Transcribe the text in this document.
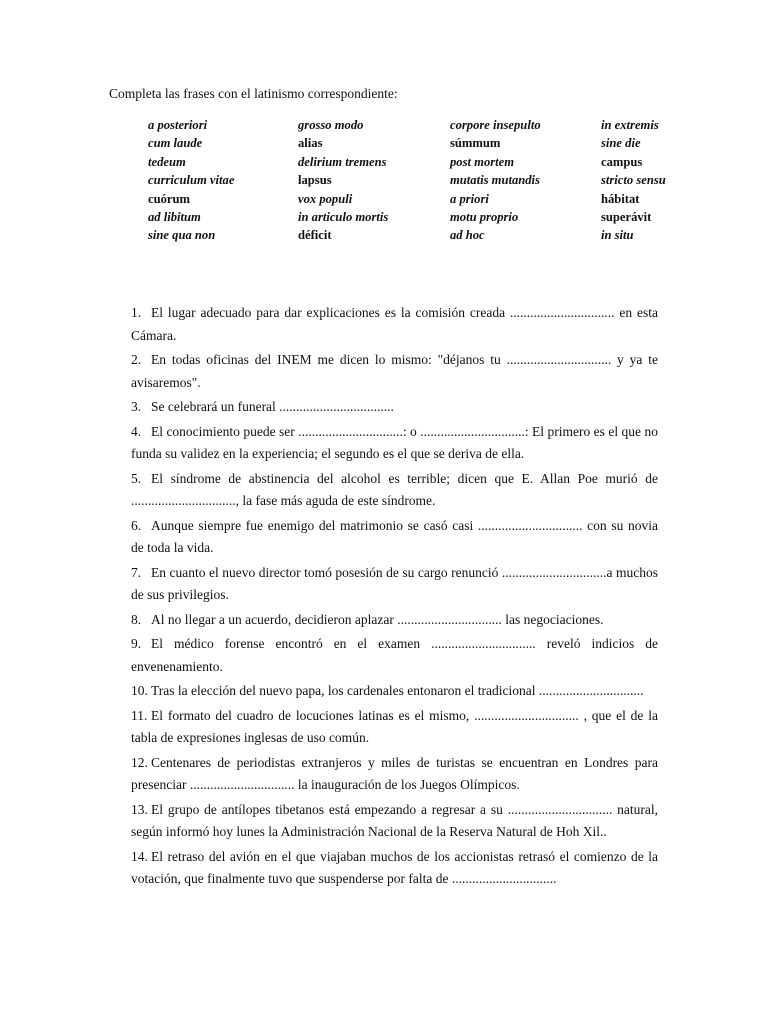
Completa las frases con el latinismo correspondiente:
a posteriori	grosso modo	corpore insepulto	in extremis
cum laude	alias	súmmum	sine die
tedeum	delirium tremens	post mortem	campus
curriculum vitae	lapsus	mutatis mutandis	stricto sensu
cuórum	vox populi	a priori	hábitat
ad libitum	in articulo mortis	motu proprio	superávit
sine qua non	déficit	ad hoc	in situ
1.El lugar adecuado para dar explicaciones es la comisión creada ............................... en esta Cámara.
2.En todas oficinas del INEM me dicen lo mismo: "déjanos tu ............................... y ya te avisaremos".
3.Se celebrará un funeral ..................................
4.El conocimiento puede ser ...............................: o ...............................: El primero es el que no funda su validez en la experiencia; el segundo es el que se deriva de ella.
5.El síndrome de abstinencia del alcohol es terrible; dicen que E. Allan Poe murió de ..............................., la fase más aguda de este síndrome.
6.Aunque siempre fue enemigo del matrimonio se casó casi ............................... con su novia de toda la vida.
7.En cuanto el nuevo director tomó posesión de su cargo renunció ...............................a muchos de sus privilegios.
8.Al no llegar a un acuerdo, decidieron aplazar ............................... las negociaciones.
9.El médico forense encontró en el examen ............................... reveló indicios de envenenamiento.
10.Tras la elección del nuevo papa, los cardenales entonaron el tradicional ...............................
11.El formato del cuadro de locuciones latinas es el mismo, ............................... , que el de la tabla de expresiones inglesas de uso común.
12.Centenares de periodistas extranjeros y miles de turistas se encuentran en Londres para presenciar ............................... la inauguración de los Juegos Olímpicos.
13.El grupo de antílopes tibetanos está empezando a regresar a su ............................... natural, según informó hoy lunes la Administración Nacional de la Reserva Natural de Hoh Xil..
14.El retraso del avión en el que viajaban muchos de los accionistas retrasó el comienzo de la votación, que finalmente tuvo que suspenderse por falta de ...............................
